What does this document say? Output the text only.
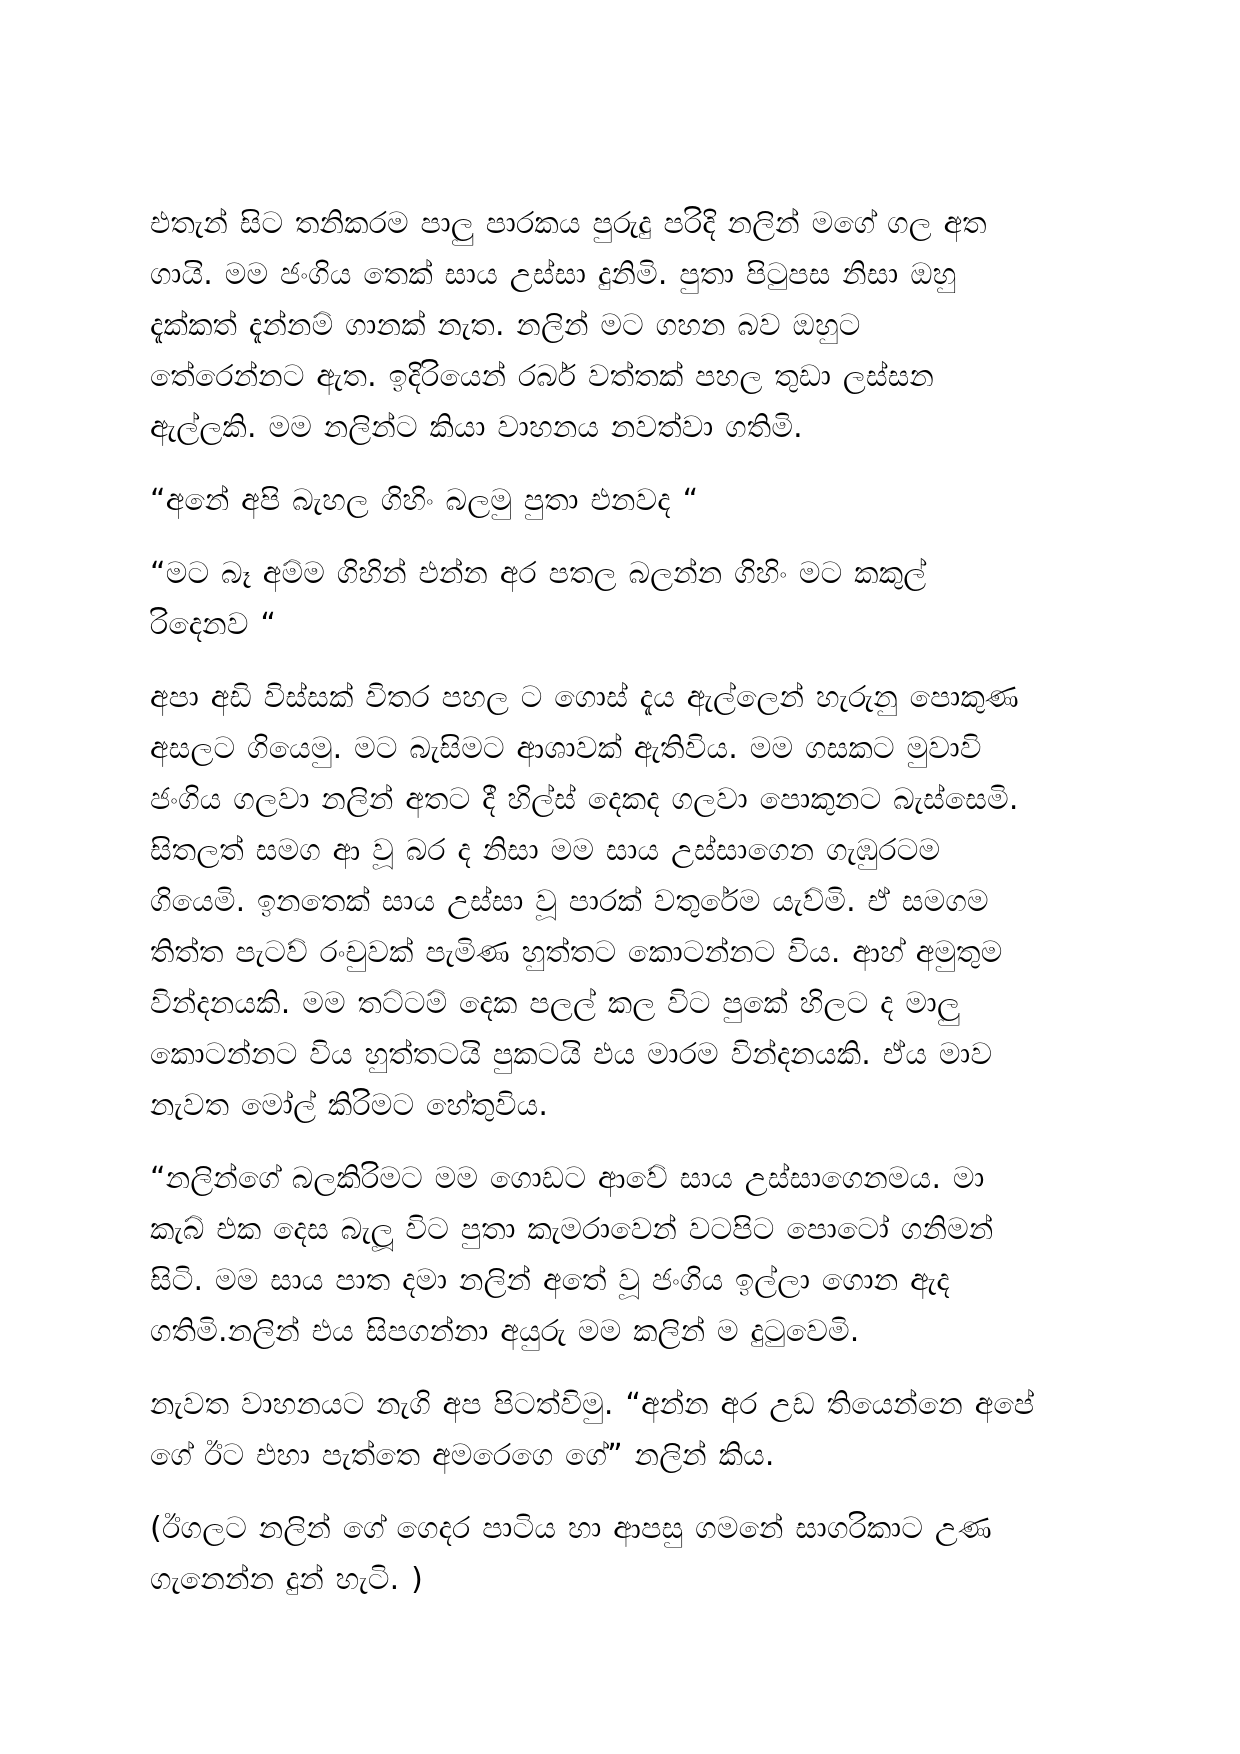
එතැන් සිට තනිකරම පාලු පාරකය පුරුදු පරිදි නලින් මගේ ගල අත
ගායි. මම ජංගිය තෙක් සාය උස්සා දුනිමි. පුතා පිටුපස නිසා ඔහු
දැක්කත් දැන්නම් ගානක් නැත. නලින් මට ගහන බව ඔහුට
තේරෙන්නට ඇත. ඉදිරියෙන් රබර් වත්තක් පහල තුඩා ලස්සන
ඇල්ලකි. මම නලින්ට කියා වාහනය නවත්වා ගතිමි.

“අනේ අපි බැහල ගිහිං බලමු පුතා එනවද “

“මට බෑ අම්ම ගිහින් එන්න අර පතල බලන්න ගිහිං මට කකුල්
රිදෙනව “

අපා අඩි විස්සක් විතර පහල ට ගොස් දැය ඇල්ලෙන් හැරුනු පොකුණ
අසලට ගියෙමු. මට බැසිමට ආශාවක් ඇතිවිය. මම ගසකට මුවාවි
ජංගිය ගලවා නලින් අතට දී හිල්ස් දෙකද ගලවා පොකුනට බැස්සෙමි.
සිතලත් සමග ආ වූ බර ද නිසා මම සාය උස්සාගෙන ගැඹුරටම
ගියෙමි. ඉනතෙක් සාය උස්සා වූ පාරක් වතුරේම යැව්මි. ඒ සමගම
තිත්ත පැටව් රංචුවක් පැමිණ හුත්තට කොටන්නට විය. ආහ් අමුතුම
වින්දනයකි. මම තට්ටම් දෙක පලල් කල විට පුකේ හිලට ද මාලු
කොටන්නට විය හුත්තටයි පුකටයි එය මාරම වින්දනයකි. ඒය මාව
නැවත මෝල් කිරිමට හේතුවිය.

“නලින්ගේ බලකිරිමට මම ගොඩට ආවේ සාය උස්සාගෙනමය. මා
කැබ් එක දෙස බැලූ විට පුතා කැමරාවෙන් වටපිට පොටෝ ගනිමන්
සිටි. මම සාය පාත දමා නලින් අතේ වූ ජංගිය ඉල්ලා ගොන ඇද
ගතිමි.නලින් එය සිපගන්නා අයුරු මම කලින් ම දුටුවෙමි.

නැවත වාහනයට නැගි අප පිටත්විමු. “අන්න අර උඩ තියෙන්නෙ අපේ
ගේ ඊට එහා පැත්තෙ අමරෙගෙ ගේ” නලින් කිය.

(ඊගලට නලින් ගේ ගෙදර පාටිය හා ආපසු ගමනේ සාගරිකාට උණ
ගැනෙන්න දුන් හැටි. )
